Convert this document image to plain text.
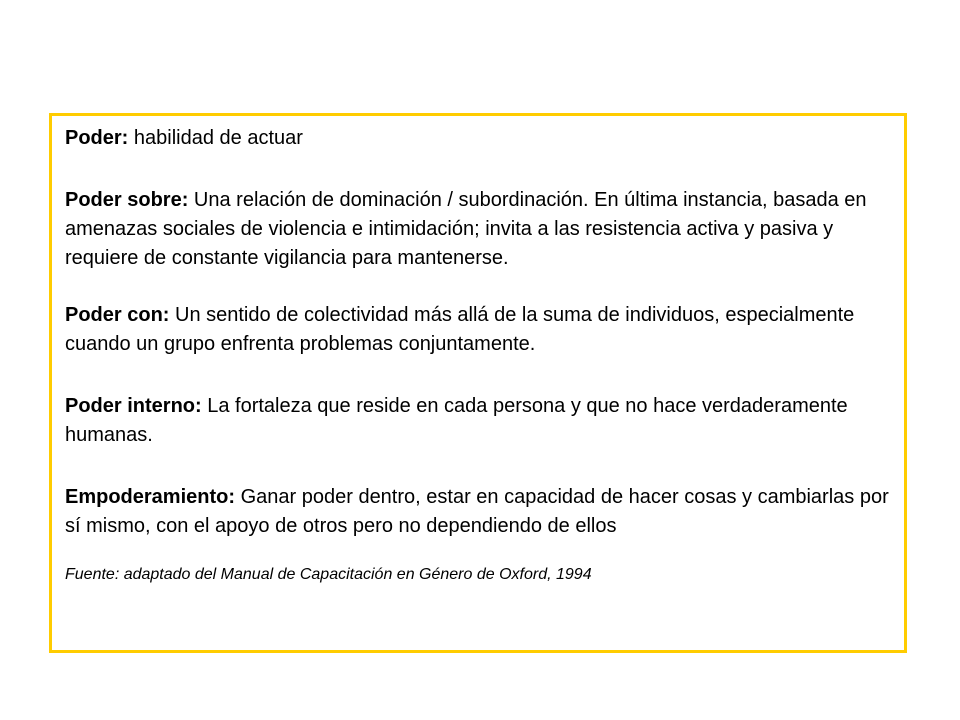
Poder: habilidad de actuar

Poder sobre: Una relación de dominación / subordinación. En última instancia, basada en amenazas sociales de violencia e intimidación; invita a las resistencia activa y pasiva y requiere de constante vigilancia para mantenerse.

Poder con: Un sentido de colectividad más allá de la suma de individuos, especialmente cuando un grupo enfrenta problemas conjuntamente.

Poder interno: La fortaleza que reside en cada persona y que no hace verdaderamente humanas.

Empoderamiento: Ganar poder dentro, estar en capacidad de hacer cosas y cambiarlas por sí mismo, con el apoyo de otros pero no dependiendo de ellos

Fuente: adaptado del Manual de Capacitación en Género de Oxford, 1994
